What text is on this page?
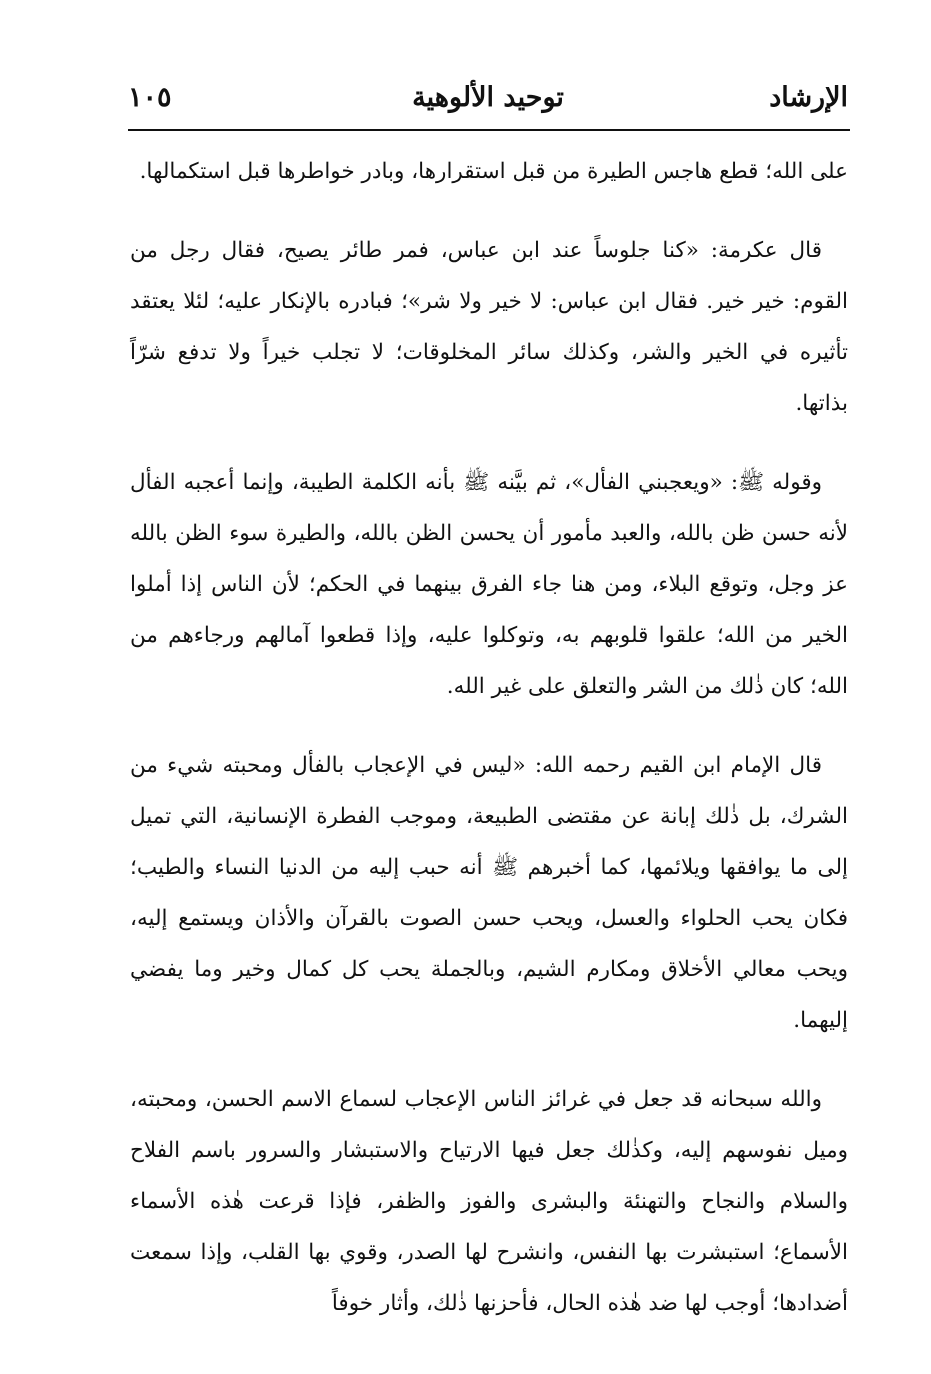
الإرشاد
توحيد الألوهية
١٠٥

على الله؛ قطع هاجس الطيرة من قبل استقرارها، وبادر خواطرها قبل استكمالها.

قال عكرمة: «كنا جلوساً عند ابن عباس، فمر طائر يصيح، فقال رجل من القوم: خير خير. فقال ابن عباس: لا خير ولا شر»؛ فبادره بالإنكار عليه؛ لئلا يعتقد تأثيره في الخير والشر، وكذلك سائر المخلوقات؛ لا تجلب خيراً ولا تدفع شرّاً بذاتها.

وقوله ﷺ: «ويعجبني الفأل»، ثم بيَّنه ﷺ بأنه الكلمة الطيبة، وإنما أعجبه الفأل لأنه حسن ظن بالله، والعبد مأمور أن يحسن الظن بالله، والطيرة سوء الظن بالله عز وجل، وتوقع البلاء، ومن هنا جاء الفرق بينهما في الحكم؛ لأن الناس إذا أملوا الخير من الله؛ علقوا قلوبهم به، وتوكلوا عليه، وإذا قطعوا آمالهم ورجاءهم من الله؛ كان ذٰلك من الشر والتعلق على غير الله.

قال الإمام ابن القيم رحمه الله: «ليس في الإعجاب بالفأل ومحبته شيء من الشرك، بل ذٰلك إبانة عن مقتضى الطبيعة، وموجب الفطرة الإنسانية، التي تميل إلى ما يوافقها ويلائمها، كما أخبرهم ﷺ أنه حبب إليه من الدنيا النساء والطيب؛ فكان يحب الحلواء والعسل، ويحب حسن الصوت بالقرآن والأذان ويستمع إليه، ويحب معالي الأخلاق ومكارم الشيم، وبالجملة يحب كل كمال وخير وما يفضي إليهما.

والله سبحانه قد جعل في غرائز الناس الإعجاب لسماع الاسم الحسن، ومحبته، وميل نفوسهم إليه، وكذٰلك جعل فيها الارتياح والاستبشار والسرور باسم الفلاح والسلام والنجاح والتهنئة والبشرى والفوز والظفر، فإذا قرعت هٰذه الأسماء الأسماع؛ استبشرت بها النفس، وانشرح لها الصدر، وقوي بها القلب، وإذا سمعت أضدادها؛ أوجب لها ضد هٰذه الحال، فأحزنها ذٰلك، وأثار خوفاً
